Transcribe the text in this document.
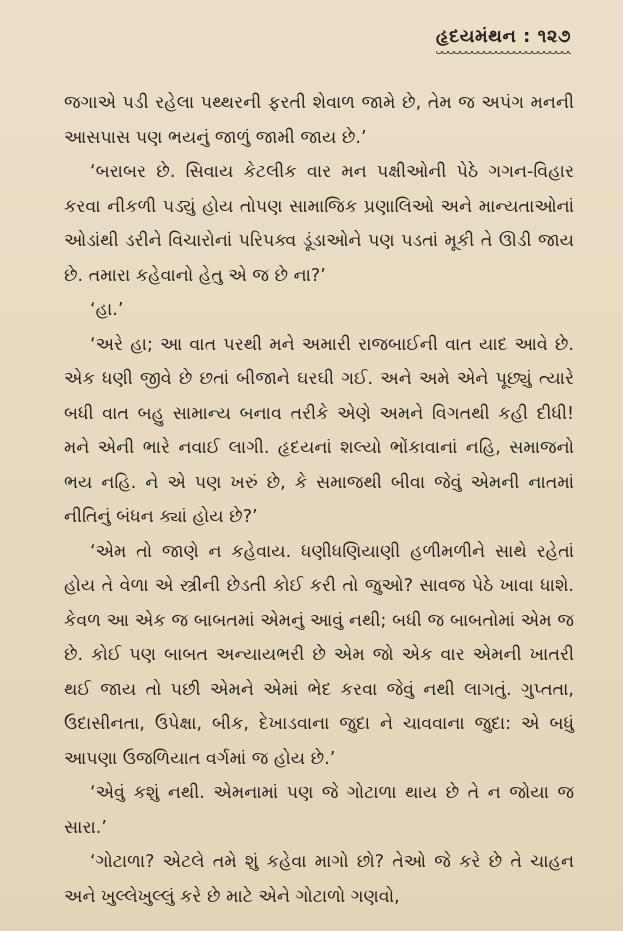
હૃદયમંથન : ૧૨૭

જગાએ પડી રહેલા પથ્થરની ફરતી શેવાળ જામે છે, તેમ જ અપંગ મનની આસપાસ પણ ભયનું જાળું જામી જાય છે.’

‘બરાબર છે. સિવાય કેટલીક વાર મન પક્ષીઓની પેઠે ગગન-વિહાર કરવા નીકળી પડ્યું હોય તોપણ સામાજિક પ્રણાલિઓ અને માન્યતાઓનાં ઓડાંથી ડરીને વિચારોનાં પરિપક્વ ડૂંડાઓને પણ પડતાં મૂકી તે ઊડી જાય છે. તમારા કહેવાનો હેતુ એ જ છે ના?’

‘હા.’

‘અરે હા; આ વાત પરથી મને અમારી રાજબાઈની વાત યાદ આવે છે. એક ધણી જીવે છે છતાં બીજાને ઘરઘી ગઈ. અને અમે એને પૂછ્યું ત્યારે બધી વાત બહુ સામાન્ય બનાવ તરીકે એણે અમને વિગતથી કહી દીધી! મને એની ભારે નવાઈ લાગી. હૃદયનાં શલ્યો ભોંકાવાનાં નહિ, સમાજનો ભય નહિ. ને એ પણ ખરું છે, કે સમાજથી બીવા જેવું એમની નાતમાં નીતિનું બંધન ક્યાં હોય છે?’

‘એમ તો જાણે ન કહેવાય. ધણીધણિયાણી હળીમળીને સાથે રહેતાં હોય તે વેળા એ સ્ત્રીની છેડતી કોઈ કરી તો જુઓ? સાવજ પેઠે ખાવા ધાશે. કેવળ આ એક જ બાબતમાં એમનું આવું નથી; બધી જ બાબતોમાં એમ જ છે. કોઈ પણ બાબત અન્યાયભરી છે એમ જો એક વાર એમની ખાતરી થઈ જાય તો પછી એમને એમાં ભેદ કરવા જેવું નથી લાગતું. ગુપ્તતા, ઉદાસીનતા, ઉપેક્ષા, બીક, દેખાડવાના જુદા ને ચાવવાના જુદા: એ બધું આપણા ઉજળિયાત વર્ગમાં જ હોય છે.’

‘એવું કશું નથી. એમનામાં પણ જે ગોટાળા થાય છે તે ન જોયા જ સારા.’

‘ગોટાળા? એટલે તમે શું કહેવા માગો છો? તેઓ જે કરે છે તે ચાહન અને ખુલ્લેખુલ્લું કરે છે માટે એને ગોટાળો ગણવો,
